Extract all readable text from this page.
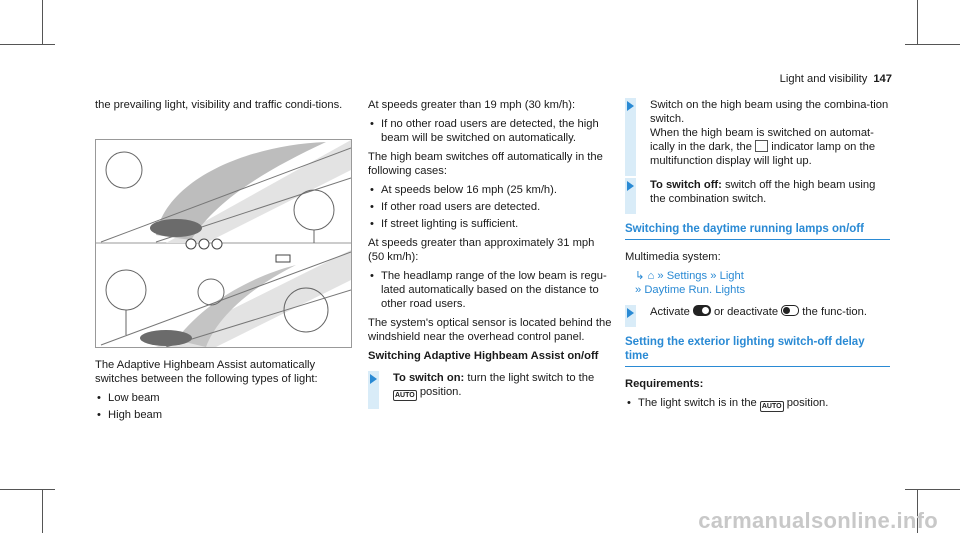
Light and visibility 147

the prevailing light, visibility and traffic condi-tions.

The Adaptive Highbeam Assist automatically switches between the following types of light:

• Low beam
• High beam

At speeds greater than 19 mph (30 km/h):

• If no other road users are detected, the high beam will be switched on automatically.

The high beam switches off automatically in the following cases:

• At speeds below 16 mph (25 km/h).
• If other road users are detected.
• If street lighting is sufficient.

At speeds greater than approximately 31 mph (50 km/h):

• The headlamp range of the low beam is regu-lated automatically based on the distance to other road users.

The system's optical sensor is located behind the windshield near the overhead control panel.

Switching Adaptive Highbeam Assist on/off
To switch on: turn the light switch to the AUTO position.
Switch on the high beam using the combina-tion switch.
When the high beam is switched on automat-ically in the dark, the indicator lamp on the multifunction display will light up.
To switch off: switch off the high beam using the combination switch.
Switching the daytime running lamps on/off

Multimedia system:

↳ ⌂ » Settings » Light
» Daytime Run. Lights
Activate or deactivate the func-tion.
Setting the exterior lighting switch-off delay time

Requirements:

• The light switch is in the AUTO position.
carmanualsonline.info
